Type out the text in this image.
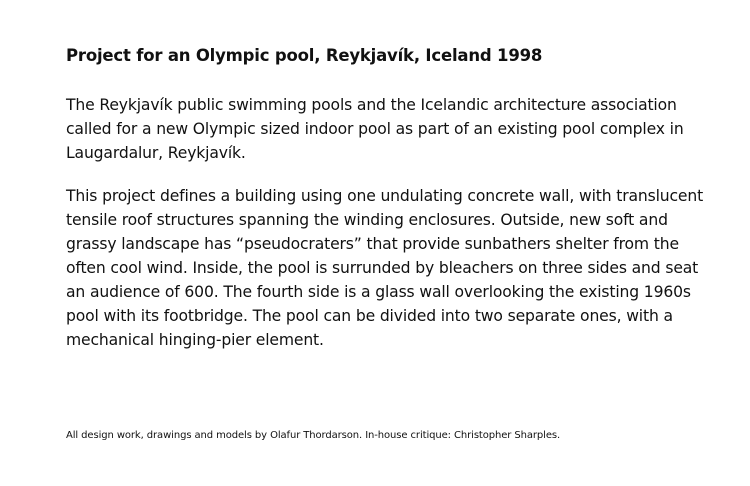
Project for an Olympic pool, Reykjavík, Iceland 1998

The Reykjavík public swimming pools and the Icelandic architecture association called for a new Olympic sized indoor pool as part of an existing pool complex in Laugardalur, Reykjavík.

This project defines a building using one undulating concrete wall, with translucent tensile roof structures spanning the winding enclosures. Outside, new soft and grassy landscape has “pseudocraters” that provide sunbathers shelter from the often cool wind. Inside, the pool is surrunded by bleachers on three sides and seat an audience of 600. The fourth side is a glass wall overlooking the existing 1960s pool with its footbridge. The pool can be divided into two separate ones, with a mechanical hinging-pier element.

All design work, drawings and models by Olafur Thordarson. In-house critique: Christopher Sharples.
